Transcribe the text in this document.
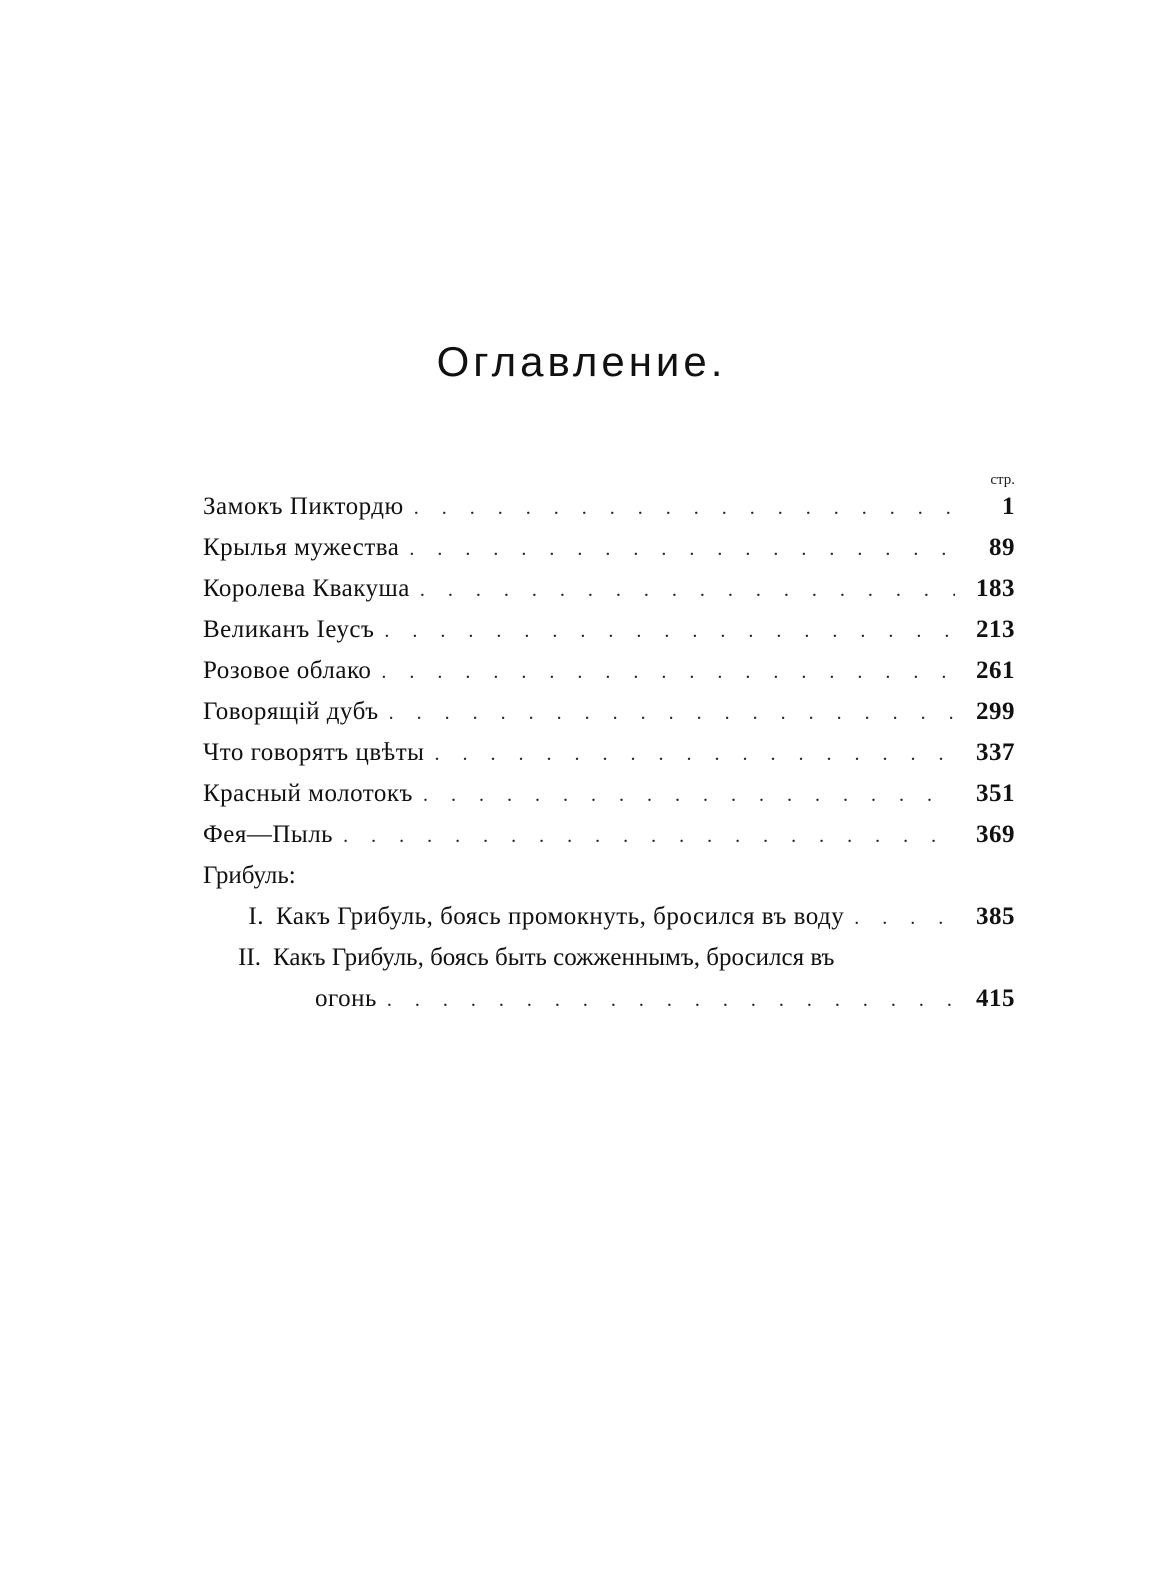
Оглавление.
стр.
Замокъ Пиктордю . . .	1
Крылья мужества . . .	89
Королева Квакуша . . .	183
Великанъ Іеусъ . . .	213
Розовое облако . . .	261
Говорящій дубъ . . .	299
Что говорятъ цвѣты . . .	337
Красный молотокъ . . .	351
Фея—Пыль . . .	369
Грибуль:
I. Какъ Грибуль, боясь промокнуть, бросился въ воду . . .	385
II. Какъ Грибуль, боясь быть сожженнымъ, бросился въ
огонь . . .	415
